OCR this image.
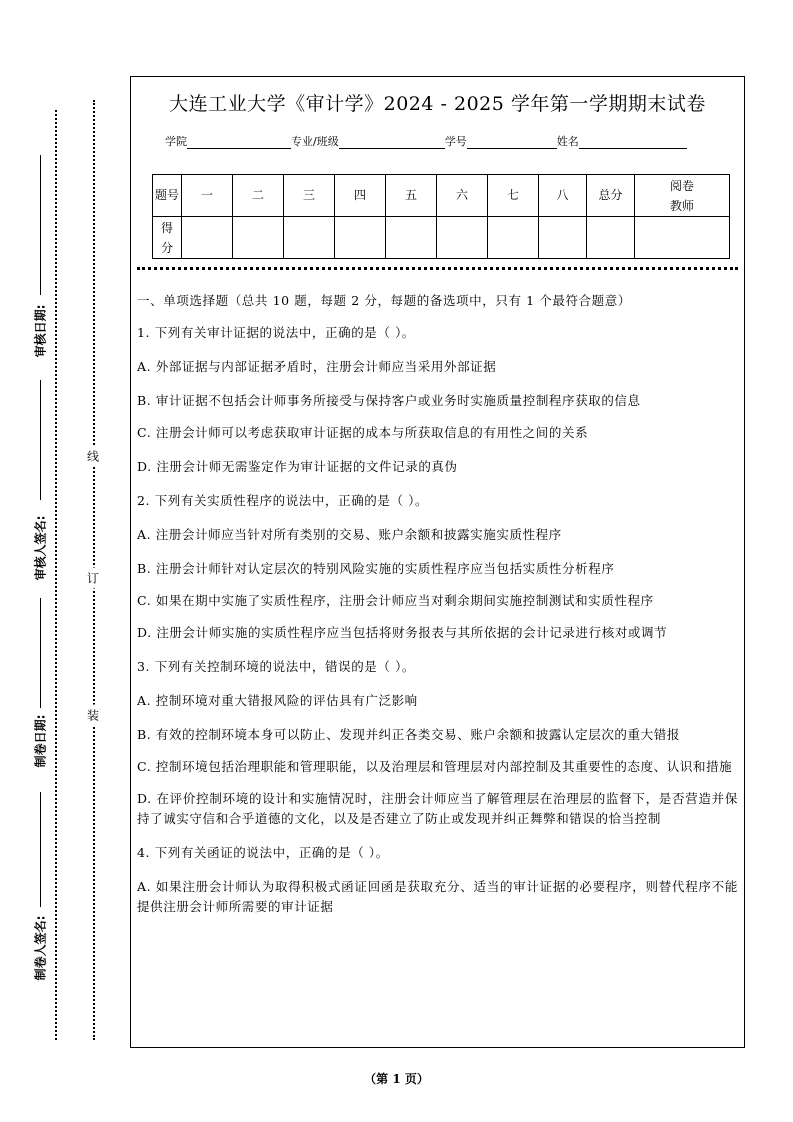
审核日期:
审核人签名:
制卷日期:
制卷人签名:
线
订
装
大连工业大学《审计学》2024 - 2025 学年第一学期期末试卷
学院	专业/班级	学号	姓名
题号	一	二	三	四	五	六	七	八	总分	阅卷教师
得分										

一、单项选择题（总共 10 题，每题 2 分，每题的备选项中，只有 1 个最符合题意）

1. 下列有关审计证据的说法中，正确的是（ ）。

A. 外部证据与内部证据矛盾时，注册会计师应当采用外部证据

B. 审计证据不包括会计师事务所接受与保持客户或业务时实施质量控制程序获取的信息

C. 注册会计师可以考虑获取审计证据的成本与所获取信息的有用性之间的关系

D. 注册会计师无需鉴定作为审计证据的文件记录的真伪

2. 下列有关实质性程序的说法中，正确的是（ ）。

A. 注册会计师应当针对所有类别的交易、账户余额和披露实施实质性程序

B. 注册会计师针对认定层次的特别风险实施的实质性程序应当包括实质性分析程序

C. 如果在期中实施了实质性程序，注册会计师应当对剩余期间实施控制测试和实质性程序

D. 注册会计师实施的实质性程序应当包括将财务报表与其所依据的会计记录进行核对或调节

3. 下列有关控制环境的说法中，错误的是（ ）。

A. 控制环境对重大错报风险的评估具有广泛影响

B. 有效的控制环境本身可以防止、发现并纠正各类交易、账户余额和披露认定层次的重大错报

C. 控制环境包括治理职能和管理职能，以及治理层和管理层对内部控制及其重要性的态度、认识和措施

D. 在评价控制环境的设计和实施情况时，注册会计师应当了解管理层在治理层的监督下，是否营造并保持了诚实守信和合乎道德的文化，以及是否建立了防止或发现并纠正舞弊和错误的恰当控制

4. 下列有关函证的说法中，正确的是（ ）。

A. 如果注册会计师认为取得积极式函证回函是获取充分、适当的审计证据的必要程序，则替代程序不能提供注册会计师所需要的审计证据

（第 1 页）
